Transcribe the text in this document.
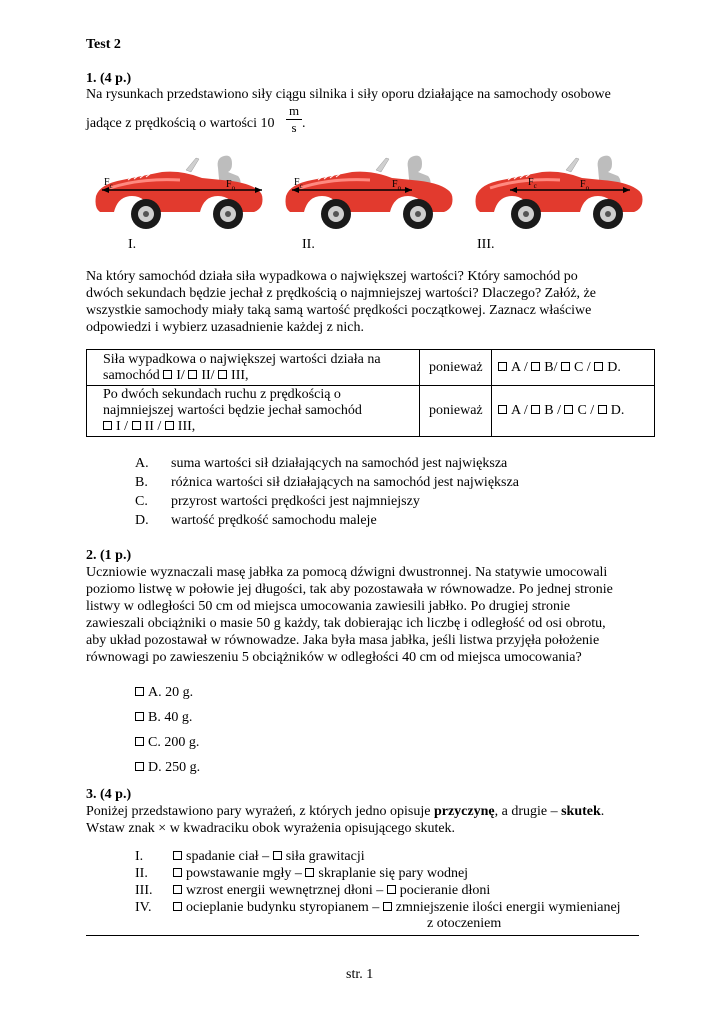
Test 2
1. (4 p.)
Na rysunkach przedstawiono siły ciągu silnika i siły oporu działające na samochody osobowe
jadące z prędkością o wartości 10
m
s .
$F_c$	$F_o$	$F_c$	$F_o$	$F_c$	$F_o$
I.	II.	III.
Na który samochód działa siła wypadkowa o największej wartości? Który samochód po
dwóch sekundach będzie jechał z prędkością o najmniejszej wartości? Dlaczego? Załóż, że
wszystkie samochody miały taką samą wartość prędkości początkowej. Zaznacz właściwe
odpowiedzi i wybierz uzasadnienie każdej z nich.
Siła wypadkowa o największej wartości działa na
samochód I/ II/ III,	ponieważ	A / B/ C / D.

Po dwóch sekundach ruchu z prędkością o
najmniejszej wartości będzie jechał samochód
I / II / III,	ponieważ	A / B / C / D.
A. suma wartości sił działających na samochód jest największa
B. różnica wartości sił działających na samochód jest największa
C. przyrost wartości prędkości jest najmniejszy
D. wartość prędkość samochodu maleje
2. (1 p.)
Uczniowie wyznaczali masę jabłka za pomocą dźwigni dwustronnej. Na statywie umocowali
poziomo listwę w połowie jej długości, tak aby pozostawała w równowadze. Po jednej stronie
listwy w odległości 50 cm od miejsca umocowania zawiesili jabłko. Po drugiej stronie
zawieszali obciążniki o masie 50 g każdy, tak dobierając ich liczbę i odległość od osi obrotu,
aby układ pozostawał w równowadze. Jaka była masa jabłka, jeśli listwa przyjęła położenie
równowagi po zawieszeniu 5 obciążników w odległości 40 cm od miejsca umocowania?
A. 20 g.
B. 40 g.
C. 200 g.
D. 250 g.
3. (4 p.)
Poniżej przedstawiono pary wyrażeń, z których jedno opisuje przyczynę, a drugie – skutek.
Wstaw znak × w kwadraciku obok wyrażenia opisującego skutek.
I.	spadanie ciał – siła grawitacji
II.	powstawanie mgły – skraplanie się pary wodnej
III. wzrost energii wewnętrznej dłoni – pocieranie dłoni
IV. ocieplanie budynku styropianem – zmniejszenie ilości energii wymienianej
z otoczeniem
str. 1
